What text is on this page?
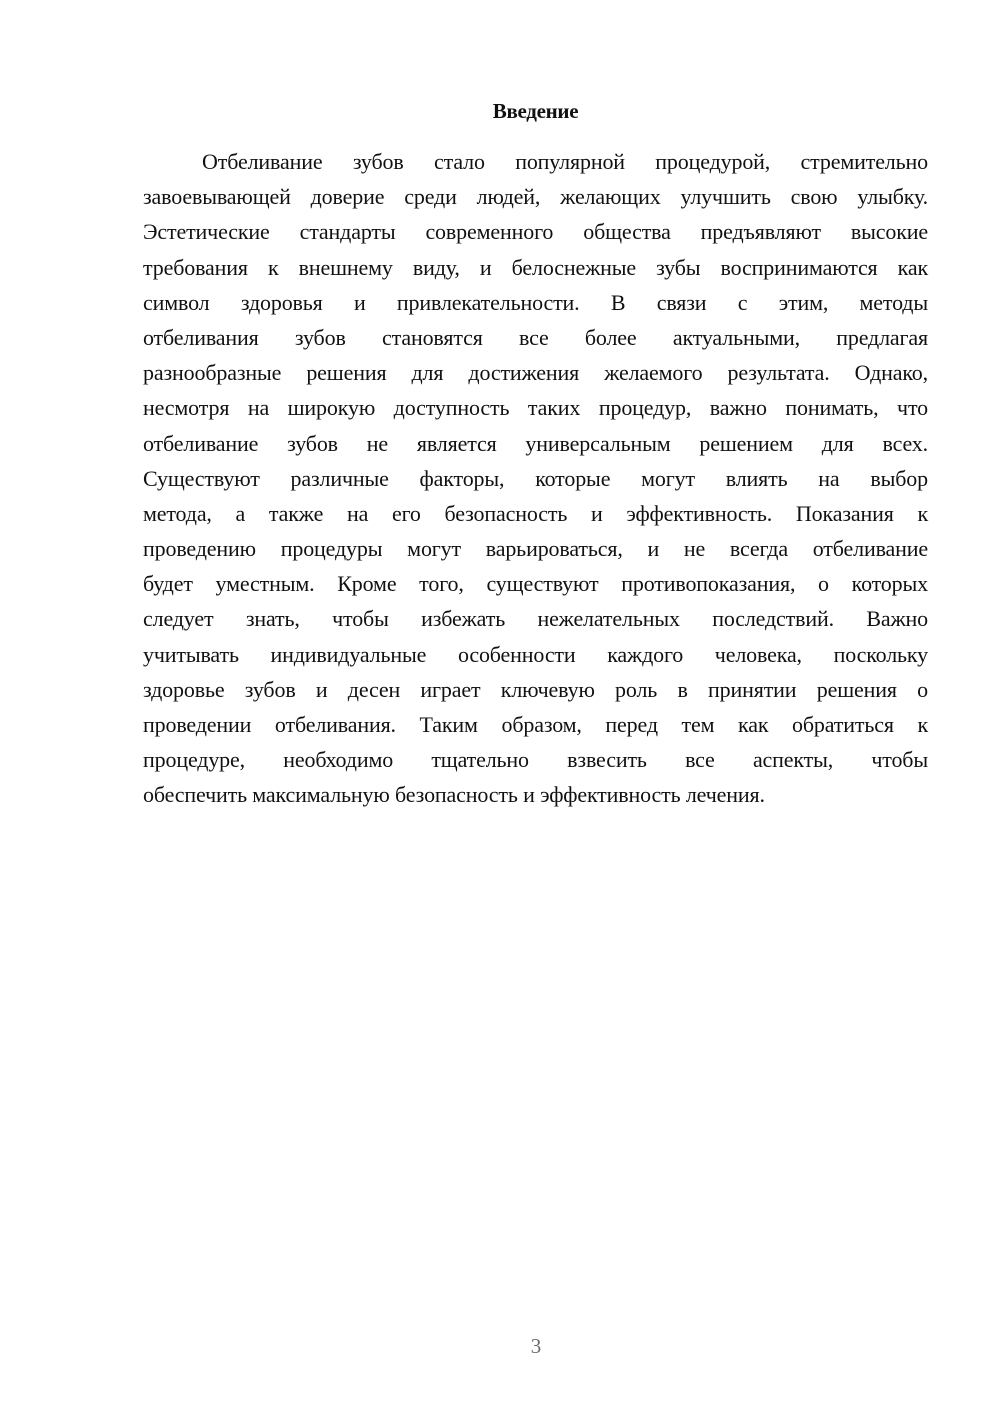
Введение
Отбеливание зубов стало популярной процедурой, стремительно
завоевывающей доверие среди людей, желающих улучшить свою улыбку.
Эстетические стандарты современного общества предъявляют высокие
требования к внешнему виду, и белоснежные зубы воспринимаются как
символ здоровья и привлекательности. В связи с этим, методы
отбеливания зубов становятся все более актуальными, предлагая
разнообразные решения для достижения желаемого результата. Однако,
несмотря на широкую доступность таких процедур, важно понимать, что
отбеливание зубов не является универсальным решением для всех.
Существуют различные факторы, которые могут влиять на выбор
метода, а также на его безопасность и эффективность. Показания к
проведению процедуры могут варьироваться, и не всегда отбеливание
будет уместным. Кроме того, существуют противопоказания, о которых
следует знать, чтобы избежать нежелательных последствий. Важно
учитывать индивидуальные особенности каждого человека, поскольку
здоровье зубов и десен играет ключевую роль в принятии решения о
проведении отбеливания. Таким образом, перед тем как обратиться к
процедуре, необходимо тщательно взвесить все аспекты, чтобы
обеспечить максимальную безопасность и эффективность лечения.
3
